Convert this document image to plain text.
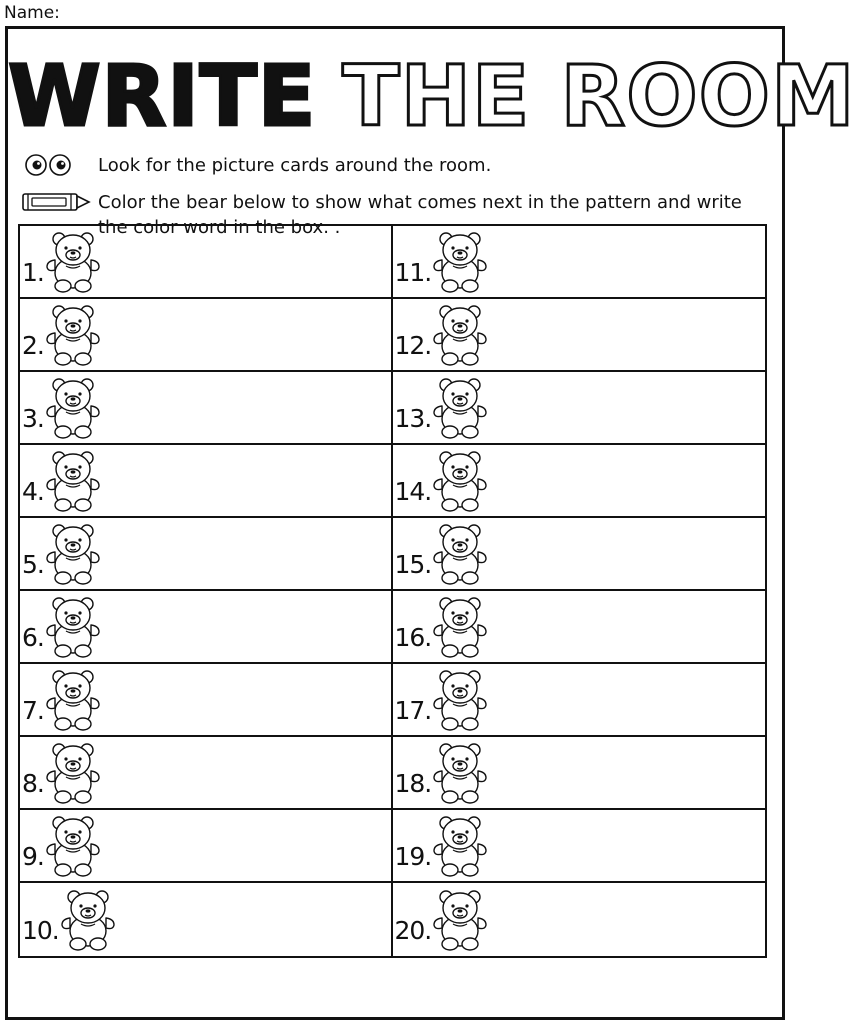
Name:
WRITE THE ROOM
Look for the picture cards around the room.
Color the bear below to show what comes next in the pattern and write the color word in the box. .
1.	11.
2.	12.
3.	13.
4.	14.
5.	15.
6.	16.
7.	17.
8.	18.
9.	19.
10.	20.
